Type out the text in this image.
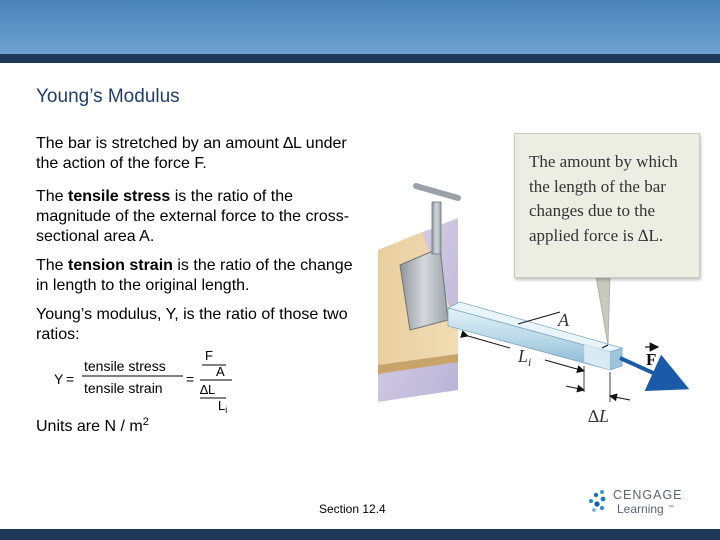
Young’s Modulus
The bar is stretched by an amount ∆L under the action of the force F.
The tensile stress is the ratio of the magnitude of the external force to the cross-sectional area A.
The tension strain is the ratio of the change in length to the original length.
Young’s modulus, Y, is the ratio of those two ratios:
Y =
tensile stress
tensile strain
=
F
A
∆L
$L_i$
Units are N / $m^2$
A
$L_i$
∆L
F
The amount by which the length of the bar changes due to the applied force is ∆L.
Section 12.4
CENGAGE
Learning ™
